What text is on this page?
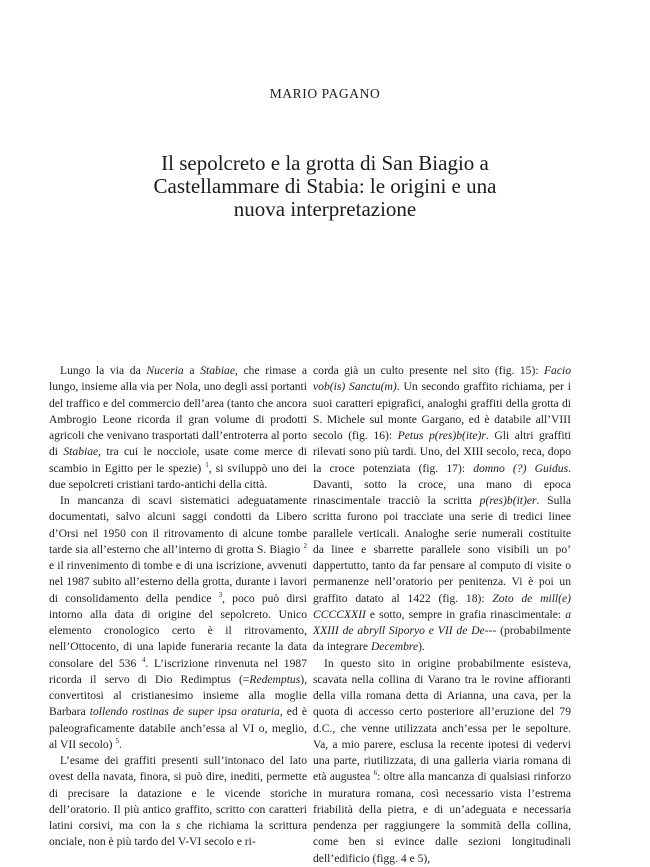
MARIO PAGANO
Il sepolcreto e la grotta di San Biagio a
Castellammare di Stabia: le origini e una
nuova interpretazione

Lungo la via da Nuceria a Stabiae, che rimase a lungo, insieme alla via per Nola, uno degli assi portanti del traffico e del commercio dell’area (tanto che ancora Ambrogio Leone ricorda il gran volume di prodotti agricoli che venivano trasportati dall’entroterra al porto di Stabiae, tra cui le nocciole, usate come merce di scambio in Egitto per le spezie) $^1$, si sviluppò uno dei due sepolcreti cristiani tardo-antichi della città.

In mancanza di scavi sistematici adeguatamente documentati, salvo alcuni saggi condotti da Libero d’Orsi nel 1950 con il ritrovamento di alcune tombe tarde sia all’esterno che all’interno di grotta S. Biagio $^2$ e il rinvenimento di tombe e di una iscrizione, avvenuti nel 1987 subito all’esterno della grotta, durante i lavori di consolidamento della pendice $^3$, poco può dirsi intorno alla data di origine del sepolcreto. Unico elemento cronologico certo è il ritrovamento, nell’Ottocento, di una lapide funeraria recante la data consolare del 536 $^4$. L’iscrizione rinvenuta nel 1987 ricorda il servo di Dio Redimptus (=Redemptus), convertitosi al cristianesimo insieme alla moglie Barbara tollendo rostinas de super ipsa oraturia, ed è paleograficamente databile anch’essa al VI o, meglio, al VII secolo) $^5$.

L’esame dei graffiti presenti sull’intonaco del lato ovest della navata, finora, si può dire, inediti, permette di precisare la datazione e le vicende storiche dell’oratorio. Il più antico graffito, scritto con caratteri latini corsivi, ma con la s che richiama la scrittura onciale, non è più tardo del V-VI secolo e ri-

corda già un culto presente nel sito (fig. 15): Facio vob(is) Sanctu(m). Un secondo graffito richiama, per i suoi caratteri epigrafici, analoghi graffiti della grotta di S. Michele sul monte Gargano, ed è databile all’VIII secolo (fig. 16): Petus p(res)b(ite)r. Gli altri graffiti rilevati sono più tardi. Uno, del XIII secolo, reca, dopo la croce potenziata (fig. 17): domno (?) Guidus. Davanti, sotto la croce, una mano di epoca rinascimentale tracciò la scritta p(res)b(it)er. Sulla scritta furono poi tracciate una serie di tredici linee parallele verticali. Analoghe serie numerali costituite da linee e sbarrette parallele sono visibili un po’ dappertutto, tanto da far pensare al computo di visite o permanenze nell’oratorio per penitenza. Vi è poi un graffito datato al 1422 (fig. 18): Zoto de mill(e) CCCCXXII e sotto, sempre in grafia rinascimentale: a XXIII de abryll Siporyo e VII de De--- (probabilmente da integrare Decembre).

In questo sito in origine probabilmente esisteva, scavata nella collina di Varano tra le rovine affioranti della villa romana detta di Arianna, una cava, per la quota di accesso certo posteriore all’eruzione del 79 d.C., che venne utilizzata anch’essa per le sepolture. Va, a mio parere, esclusa la recente ipotesi di vedervi una parte, riutilizzata, di una galleria viaria romana di età augustea $^6$: oltre alla mancanza di qualsiasi rinforzo in muratura romana, così necessario vista l’estrema friabilità della pietra, e di un’adeguata e necessaria pendenza per raggiungere la sommità della collina, come ben si evince dalle sezioni longitudinali dell’edificio (figg. 4 e 5),
